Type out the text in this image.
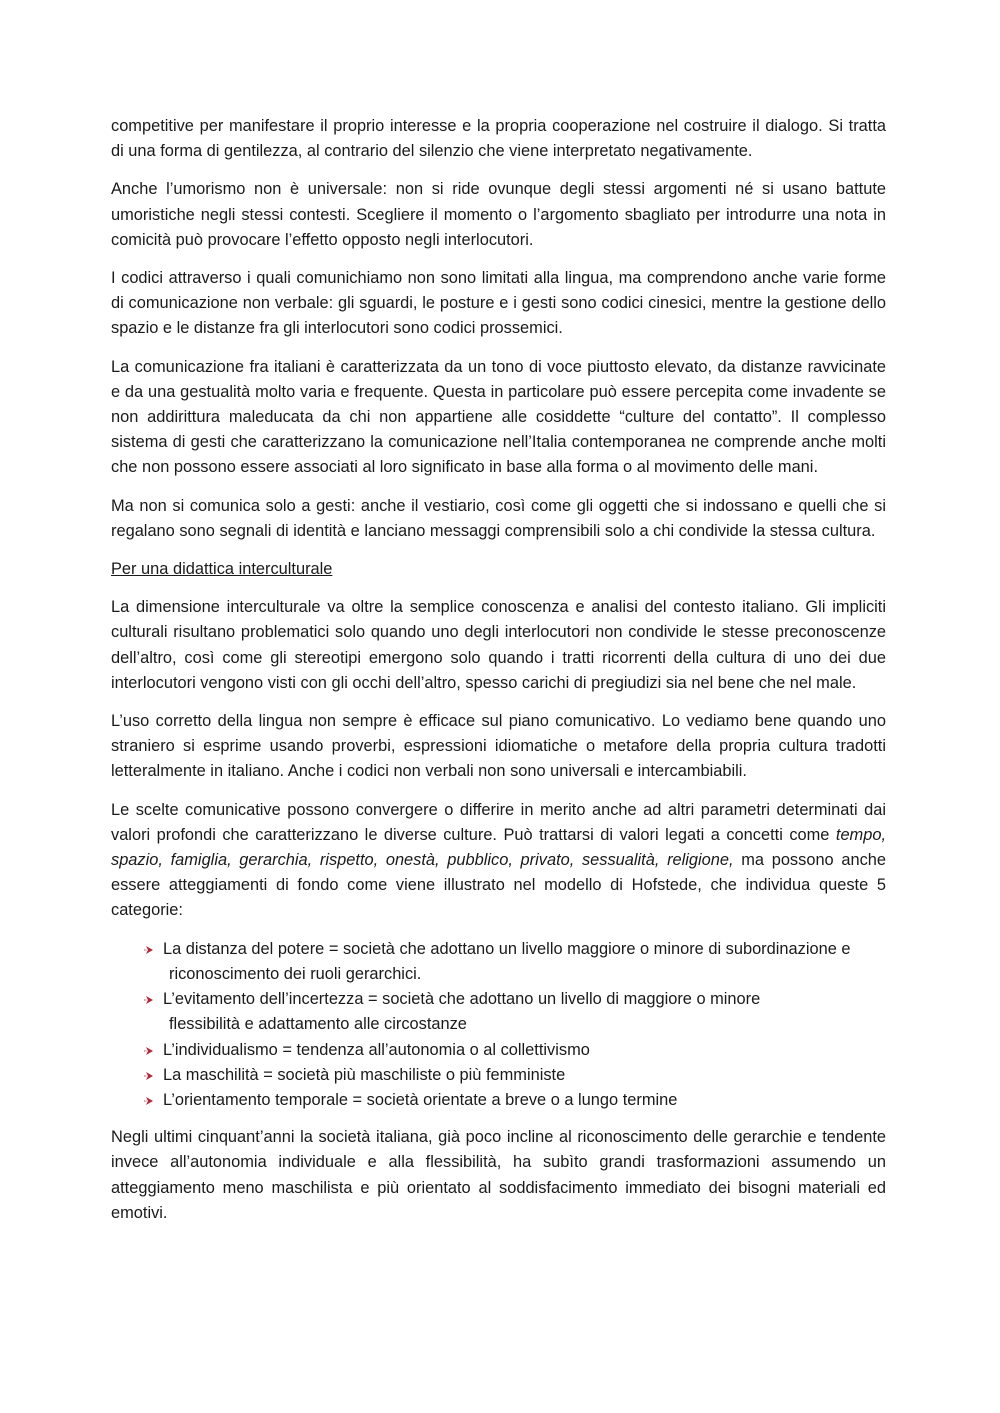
competitive per manifestare il proprio interesse e la propria cooperazione nel costruire il dialogo. Si tratta di una forma di gentilezza, al contrario del silenzio che viene interpretato negativamente.

Anche l’umorismo non è universale: non si ride ovunque degli stessi argomenti né si usano battute umoristiche negli stessi contesti. Scegliere il momento o l’argomento sbagliato per introdurre una nota in comicità può provocare l’effetto opposto negli interlocutori.

I codici attraverso i quali comunichiamo non sono limitati alla lingua, ma comprendono anche varie forme di comunicazione non verbale: gli sguardi, le posture e i gesti sono codici cinesici, mentre la gestione dello spazio e le distanze fra gli interlocutori sono codici prossemici.

La comunicazione fra italiani è caratterizzata da un tono di voce piuttosto elevato, da distanze ravvicinate e da una gestualità molto varia e frequente. Questa in particolare può essere percepita come invadente se non addirittura maleducata da chi non appartiene alle cosiddette “culture del contatto”. Il complesso sistema di gesti che caratterizzano la comunicazione nell’Italia contemporanea ne comprende anche molti che non possono essere associati al loro significato in base alla forma o al movimento delle mani.

Ma non si comunica solo a gesti: anche il vestiario, così come gli oggetti che si indossano e quelli che si regalano sono segnali di identità e lanciano messaggi comprensibili solo a chi condivide la stessa cultura.

Per una didattica interculturale

La dimensione interculturale va oltre la semplice conoscenza e analisi del contesto italiano. Gli impliciti culturali risultano problematici solo quando uno degli interlocutori non condivide le stesse preconoscenze dell’altro, così come gli stereotipi emergono solo quando i tratti ricorrenti della cultura di uno dei due interlocutori vengono visti con gli occhi dell’altro, spesso carichi di pregiudizi sia nel bene che nel male.

L’uso corretto della lingua non sempre è efficace sul piano comunicativo. Lo vediamo bene quando uno straniero si esprime usando proverbi, espressioni idiomatiche o metafore della propria cultura tradotti letteralmente in italiano. Anche i codici non verbali non sono universali e intercambiabili.

Le scelte comunicative possono convergere o differire in merito anche ad altri parametri determinati dai valori profondi che caratterizzano le diverse culture. Può trattarsi di valori legati a concetti come tempo, spazio, famiglia, gerarchia, rispetto, onestà, pubblico, privato, sessualità, religione, ma possono anche essere atteggiamenti di fondo come viene illustrato nel modello di Hofstede, che individua queste 5 categorie:

La distanza del potere = società che adottano un livello maggiore o minore di subordinazione e
riconoscimento dei ruoli gerarchici.
L’evitamento dell’incertezza = società che adottano un livello di maggiore o minore
flessibilità e adattamento alle circostanze
L’individualismo = tendenza all’autonomia o al collettivismo
La maschilità = società più maschiliste o più femministe
L’orientamento temporale = società orientate a breve o a lungo termine

Negli ultimi cinquant’anni la società italiana, già poco incline al riconoscimento delle gerarchie e tendente invece all’autonomia individuale e alla flessibilità, ha subìto grandi trasformazioni assumendo un atteggiamento meno maschilista e più orientato al soddisfacimento immediato dei bisogni materiali ed emotivi.
